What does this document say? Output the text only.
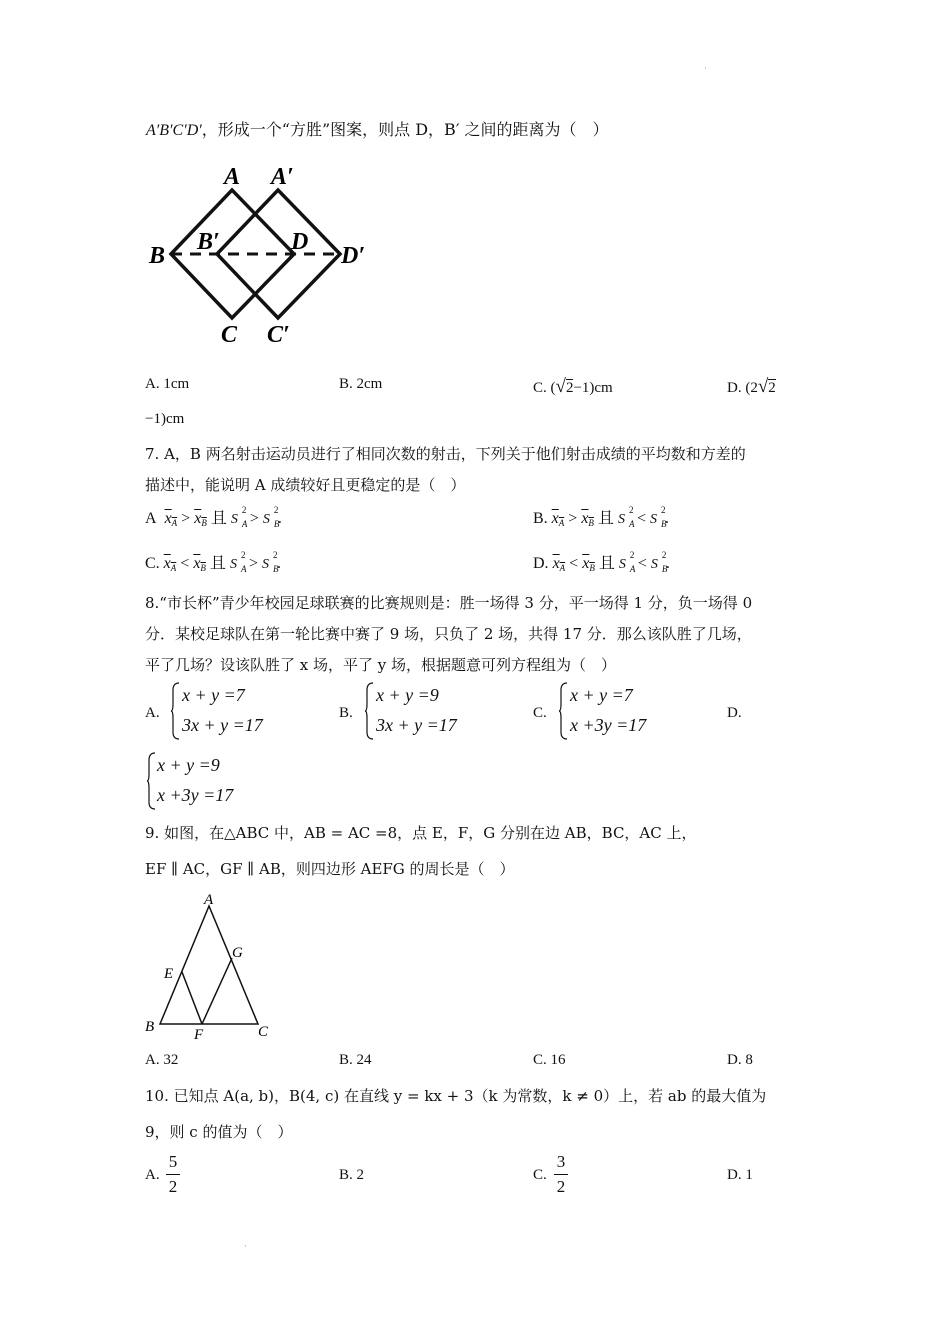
·
·
A′B′C′D′，形成一个“方胜”图案，则点 D，B′ 之间的距离为（　）
A A′
B
B′	D
D′
C C′
A. 1cm	B. 2cm	C. (√2−1)cm	D. (2√2
−1)cm
7. A，B 两名射击运动员进行了相同次数的射击，下列关于他们射击成绩的平均数和方差的
描述中，能说明 A 成绩较好且更稳定的是（　）
A $x_A > x_B$ 且 S
2
A > S
2
B
.	B. $x_A > x_B$ 且 S
2
A < S
2
B
.
C. $x_A < x_B$ 且 S
2
A > S
2
B
.	D. $x_A < x_B$ 且 S
2
A < S
2
B
.
8.“市长杯”青少年校园足球联赛的比赛规则是：胜一场得 3 分，平一场得 1 分，负一场得 0
分．某校足球队在第一轮比赛中赛了 9 场，只负了 2 场，共得 17 分．那么该队胜了几场，
平了几场？设该队胜了 x 场，平了 y 场，根据题意可列方程组为（　）
A.
x + y =7
3x + y =17
B.
x + y =9
3x + y =17
C.
x + y =7
x +3y =17
D.
x + y =9
x +3y =17
9. 如图，在△ABC 中，AB = AC =8，点 E，F，G 分别在边 AB，BC，AC 上，
EF ∥ AC，GF ∥ AB，则四边形 AEFG 的周长是（　）
A
B	C
E
F
G
A. 32	B. 24	C. 16	D. 8
10. 已知点 A(a, b)，B(4, c) 在直线 y = kx + 3（k 为常数，k ≠ 0）上，若 ab 的最大值为
9，则 c 的值为（　）
A.
5
2
B. 2	C.
3
2
D. 1
